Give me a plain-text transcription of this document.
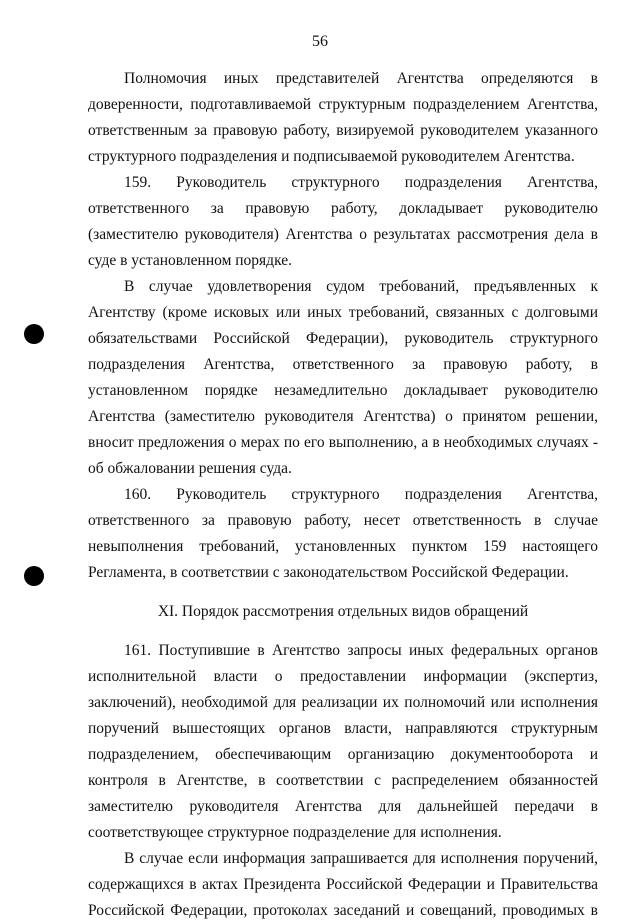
56

Полномочия иных представителей Агентства определяются в доверенности, подготавливаемой структурным подразделением Агентства, ответственным за правовую работу, визируемой руководителем указанного структурного подразделения и подписываемой руководителем Агентства.

159. Руководитель структурного подразделения Агентства, ответственного за правовую работу, докладывает руководителю (заместителю руководителя) Агентства о результатах рассмотрения дела в суде в установленном порядке.

В случае удовлетворения судом требований, предъявленных к Агентству (кроме исковых или иных требований, связанных с долговыми обязательствами Российской Федерации), руководитель структурного подразделения Агентства, ответственного за правовую работу, в установленном порядке незамедлительно докладывает руководителю Агентства (заместителю руководителя Агентства) о принятом решении, вносит предложения о мерах по его выполнению, а в необходимых случаях - об обжаловании решения суда.

160. Руководитель структурного подразделения Агентства, ответственного за правовую работу, несет ответственность в случае невыполнения требований, установленных пунктом 159 настоящего Регламента, в соответствии с законодательством Российской Федерации.

XI. Порядок рассмотрения отдельных видов обращений

161. Поступившие в Агентство запросы иных федеральных органов исполнительной власти о предоставлении информации (экспертиз, заключений), необходимой для реализации их полномочий или исполнения поручений вышестоящих органов власти, направляются структурным подразделением, обеспечивающим организацию документооборота и контроля в Агентстве, в соответствии с распределением обязанностей заместителю руководителя Агентства для дальнейшей передачи в соответствующее структурное подразделение для исполнения.

В случае если информация запрашивается для исполнения поручений, содержащихся в актах Президента Российской Федерации и Правительства Российской Федерации, протоколах заседаний и совещаний, проводимых в
